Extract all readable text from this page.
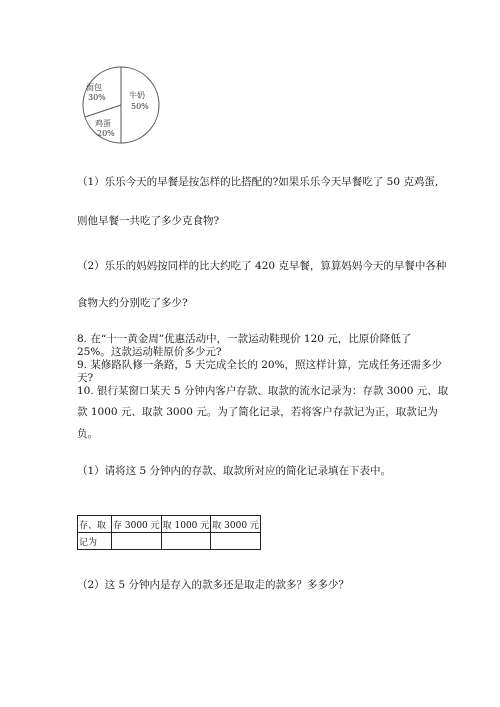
面包
30%	牛奶
50%
鸡蛋
20%
（1）乐乐今天的早餐是按怎样的比搭配的?如果乐乐今天早餐吃了 50 克鸡蛋,
则他早餐一共吃了多少克食物?
（2）乐乐的妈妈按同样的比大约吃了 420 克早餐，算算妈妈今天的早餐中各种
食物大约分别吃了多少?
8. 在“十一黄金周”优惠活动中，一款运动鞋现价 120 元，比原价降低了
25%。这款运动鞋原价多少元?
9. 某修路队修一条路，5 天完成全长的 20%，照这样计算，完成任务还需多少
天?
10. 银行某窗口某天 5 分钟内客户存款、取款的流水记录为：存款 3000 元、取
款 1000 元、取款 3000 元。为了简化记录，若将客户存款记为正，取款记为
负。
（1）请将这 5 分钟内的存款、取款所对应的简化记录填在下表中。
存、取	存 3000 元	取 1000 元	取 3000 元
记为			
（2）这 5 分钟内是存入的款多还是取走的款多？多多少？
